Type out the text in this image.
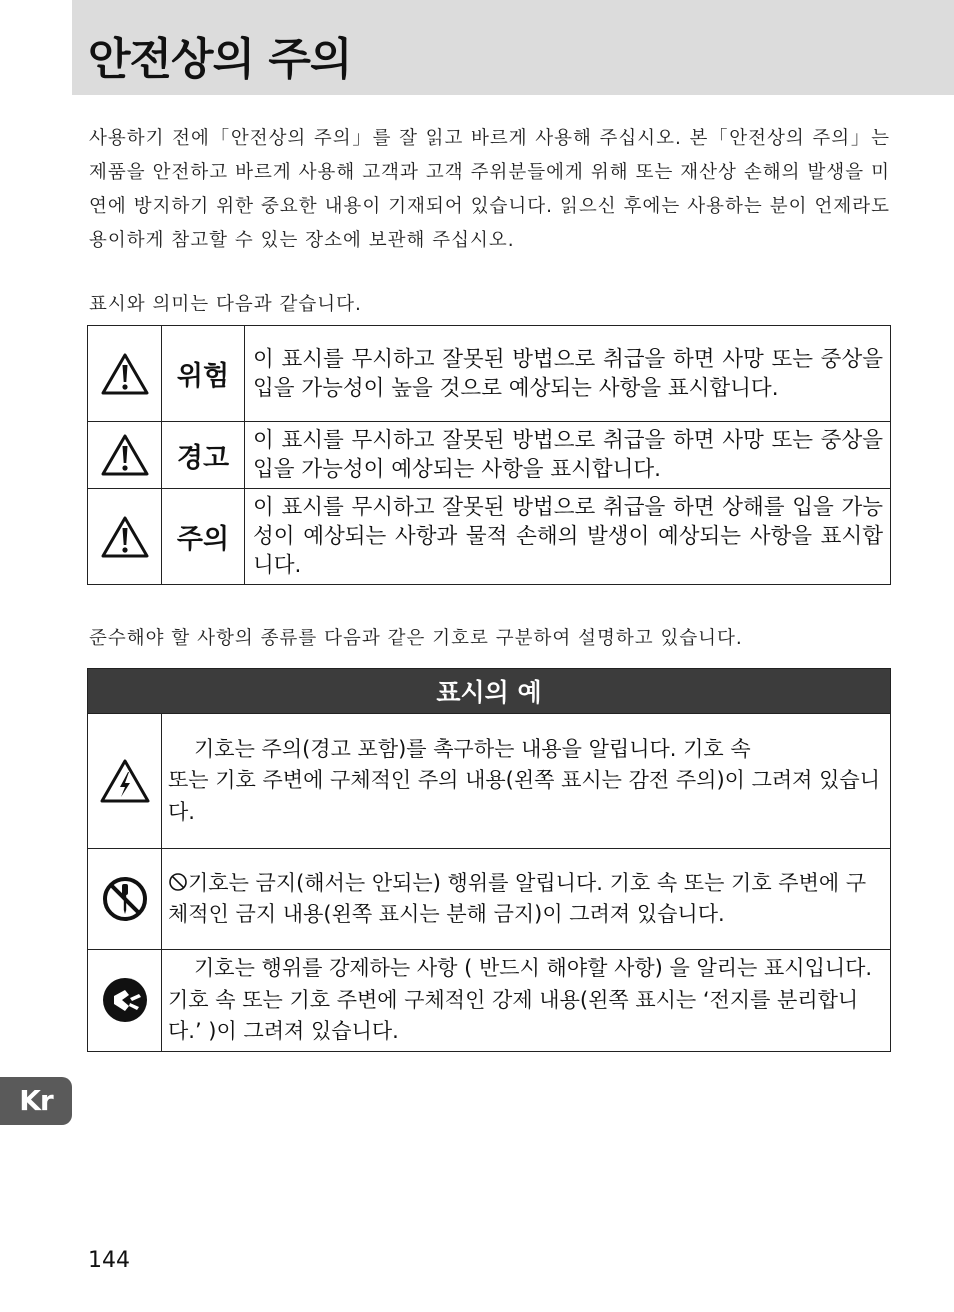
안전상의 주의

사용하기 전에「안전상의 주의」를 잘 읽고 바르게 사용해 주십시오. 본「안전상의 주의」는 제품을 안전하고 바르게 사용해 고객과 고객 주위분들에게 위해 또는 재산상 손해의 발생을 미연에 방지하기 위한 중요한 내용이 기재되어 있습니다. 읽으신 후에는 사용하는 분이 언제라도 용이하게 참고할 수 있는 장소에 보관해 주십시오.

표시와 의미는 다음과 같습니다.

	위험	이 표시를 무시하고 잘못된 방법으로 취급을 하면 사망 또는 중상을 입을 가능성이 높을 것으로 예상되는 사항을 표시합니다.

	경고	이 표시를 무시하고 잘못된 방법으로 취급을 하면 사망 또는 중상을 입을 가능성이 예상되는 사항을 표시합니다.

	주의	이 표시를 무시하고 잘못된 방법으로 취급을 하면 상해를 입을 가능성이 예상되는 사항과 물적 손해의 발생이 예상되는 사항을 표시합니다.

준수해야 할 사항의 종류를 다음과 같은 기호로 구분하여 설명하고 있습니다.

표시의 예	

	기호는 주의(경고 포함)를 촉구하는 내용을 알립니다. 기호 속
또는 기호 주변에 구체적인 주의 내용(왼쪽 표시는 감전 주의)이 그려져 있습니다.

	기호는 금지(해서는 안되는) 행위를 알립니다. 기호 속 또는 기호 주변에 구체적인 금지 내용(왼쪽 표시는 분해 금지)이 그려져 있습니다.

	기호는 행위를 강제하는 사항 ( 반드시 해야할 사항) 을 알리는 표시입니다. 기호 속 또는 기호 주변에 구체적인 강제 내용(왼쪽 표시는 ‘전지를 분리합니다.’ )이 그려져 있습니다.
Kr
144
